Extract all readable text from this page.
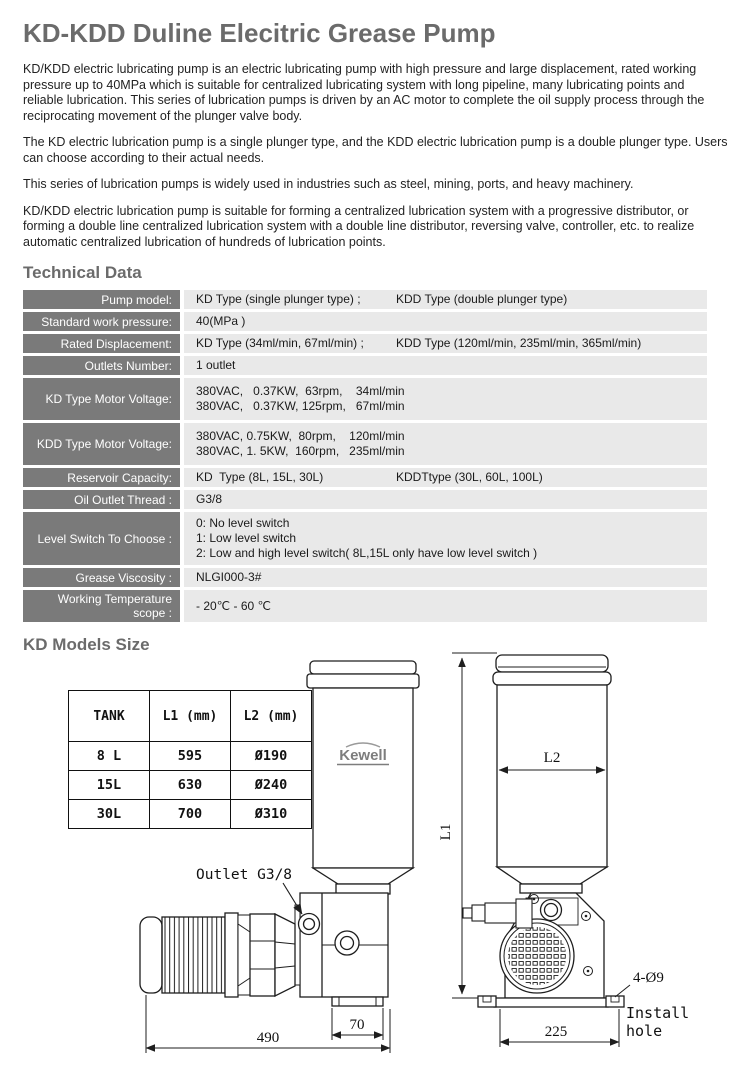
KD-KDD Duline Elecitric Grease Pump

KD/KDD electric lubricating pump is an electric lubricating pump with high pressure and large displacement, rated working pressure up to 40MPa which is suitable for centralized lubricating system with long pipeline, many lubricating points and reliable lubrication. This series of lubrication pumps is driven by an AC motor to complete the oil supply process through the reciprocating movement of the plunger valve body.

The KD electric lubrication pump is a single plunger type, and the KDD electric lubrication pump is a double plunger type. Users can choose according to their actual needs.

This series of lubrication pumps is widely used in industries such as steel, mining, ports, and heavy machinery.

KD/KDD electric lubrication pump is suitable for forming a centralized lubrication system with a progressive distributor, or forming a double line centralized lubrication system with a double line distributor, reversing valve, controller, etc. to realize automatic centralized lubrication of hundreds of lubrication points.

Technical Data
Pump model:	KD Type (single plunger type) ;	KDD Type (double plunger type)
Standard work pressure:	40(MPa )
Rated Displacement:	KD Type (34ml/min, 67ml/min) ;	KDD Type (120ml/min, 235ml/min, 365ml/min)
Outlets Number:	1 outlet
KD Type Motor Voltage:
380VAC,   0.37KW,  63rpm,    34ml/min
380VAC,   0.37KW, 125rpm,   67ml/min
KDD Type Motor Voltage:
380VAC, 0.75KW,  80rpm,    120ml/min
380VAC, 1. 5KW,  160rpm,   235ml/min
Reservoir Capacity:	KD  Type (8L, 15L, 30L)	KDDTtype (30L, 60L, 100L)
Oil Outlet Thread :	G3/8
Level Switch To Choose :
0: No level switch
1: Low level switch
2: Low and high level switch( 8L,15L only have low level switch )
Grease Viscosity :	NLGI000-3#
Working Temperature scope :
- 20℃ - 60 ℃
KD Models Size
TANK	L1 (mm)	L2 (mm)
8 L	595	Ø190
15L	630	Ø240
30L	700	Ø310
Kewell
Outlet G3/8
70
490
L1
L2
225
4-Ø9
Install
hole
